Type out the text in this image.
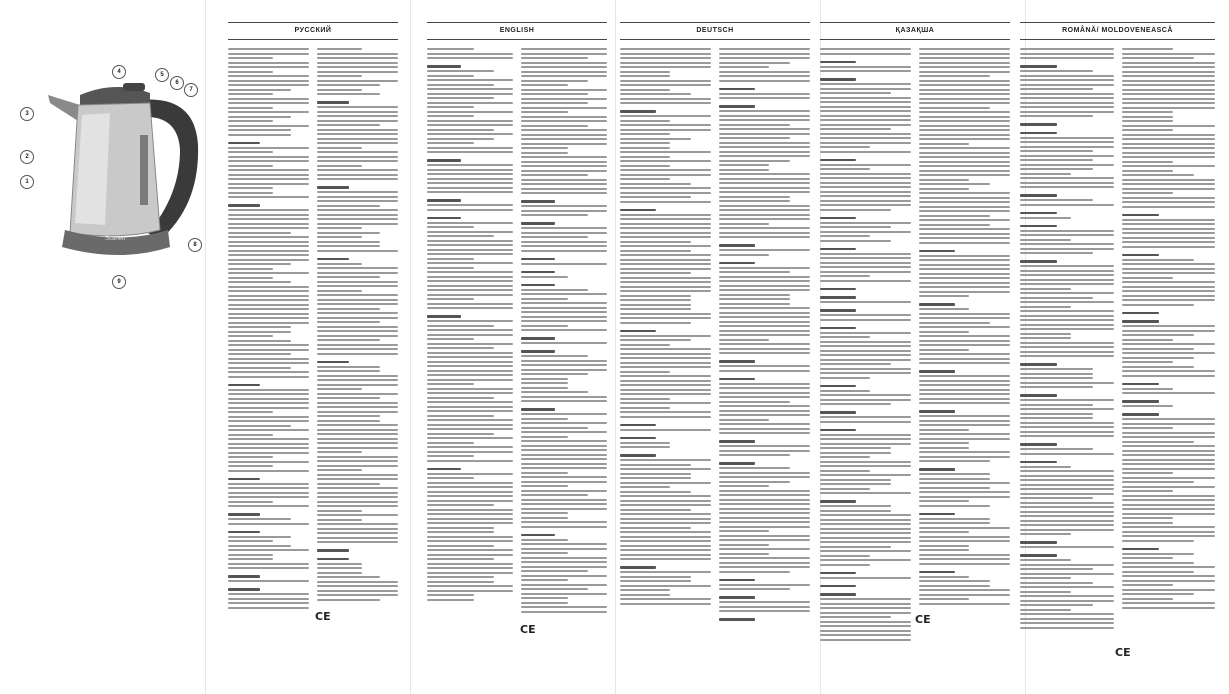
Scarlett
1
2
3
4	5
6
7
8
9
РУССКИЙ	ENGLISH	DEUTSCH	ҚАЗАҚША	ROMÂNĂ/ MOLDOVENEASCĂ
CE
CE
CE
CE
